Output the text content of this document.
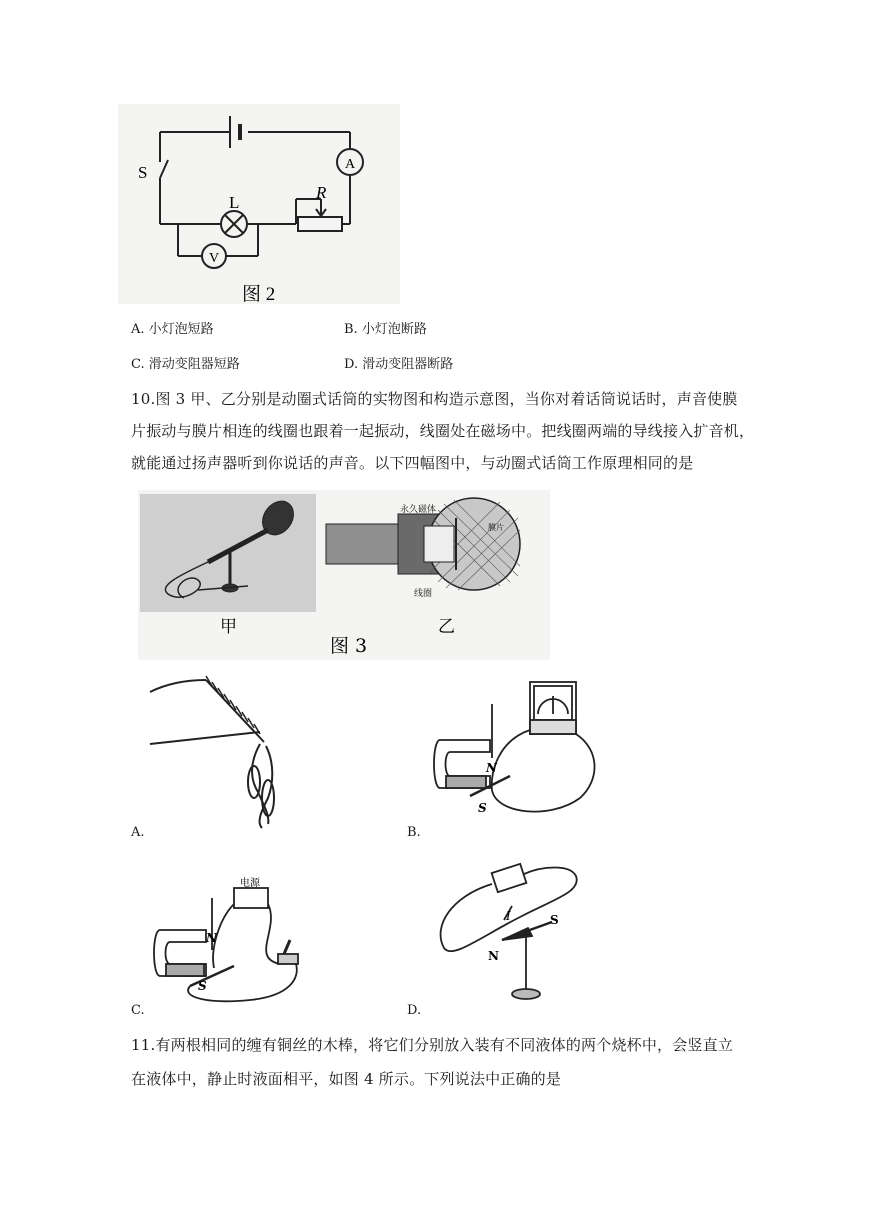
S
L
R
A
V
图 2
A. 小灯泡短路	B. 小灯泡断路
C. 滑动变阻器短路	D. 滑动变阻器断路
10.图 3 甲、乙分别是动圈式话筒的实物图和构造示意图，当你对着话筒说话时，声音使膜
片振动与膜片相连的线圈也跟着一起振动，线圈处在磁场中。把线圈两端的导线接入扩音机，
就能通过扬声器听到你说话的声音。以下四幅图中，与动圈式话筒工作原理相同的是
永久磁体
线圈
膜片
甲	乙
图 3
A.
N
S
B.
电源
N
S
C.
S
N
I
D.
11.有两根相同的缠有铜丝的木棒，将它们分别放入装有不同液体的两个烧杯中，会竖直立
在液体中，静止时液面相平，如图 4 所示。下列说法中正确的是
